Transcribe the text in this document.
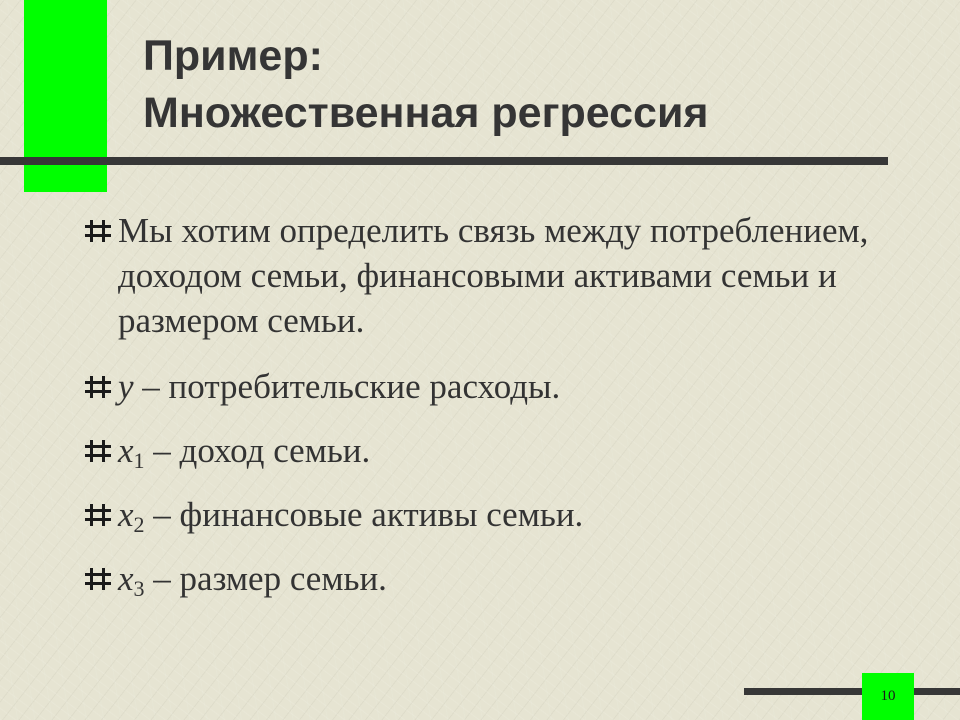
Пример:
Множественная регрессия
Мы хотим определить связь между потреблением, доходом семьи, финансовыми активами семьи и размером семьи.
y – потребительские расходы.
$x_1$ – доход семьи.
$x_2$ – финансовые активы семьи.
$x_3$ – размер семьи.
10
